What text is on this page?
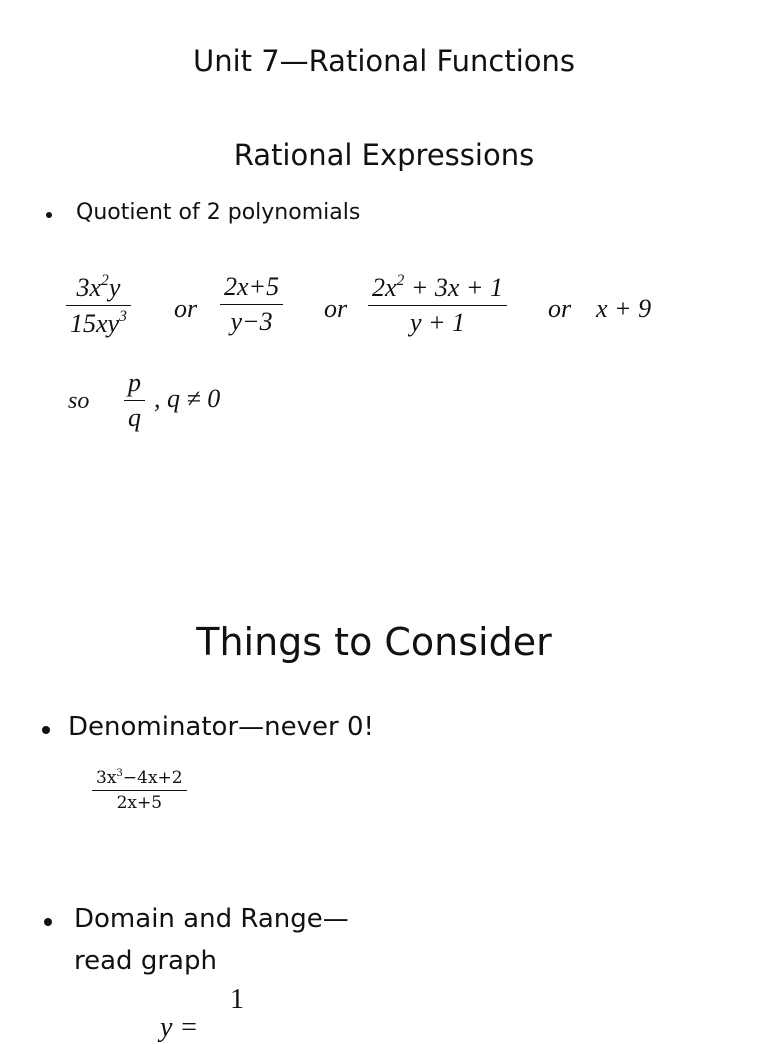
Unit 7—Rational Functions
Rational Expressions
Quotient of 2 polynomials
$3x^2y$
$15xy^3$ or
2x+5
y−3	or
$2x^2 + 3x + 1$
y + 1	or x + 9
so
p
q
, q ≠ 0
Things to Consider
Denominator—never 0!
$3x^3-4x+2$
2x+5
Domain and Range—
read graph
1
y =
